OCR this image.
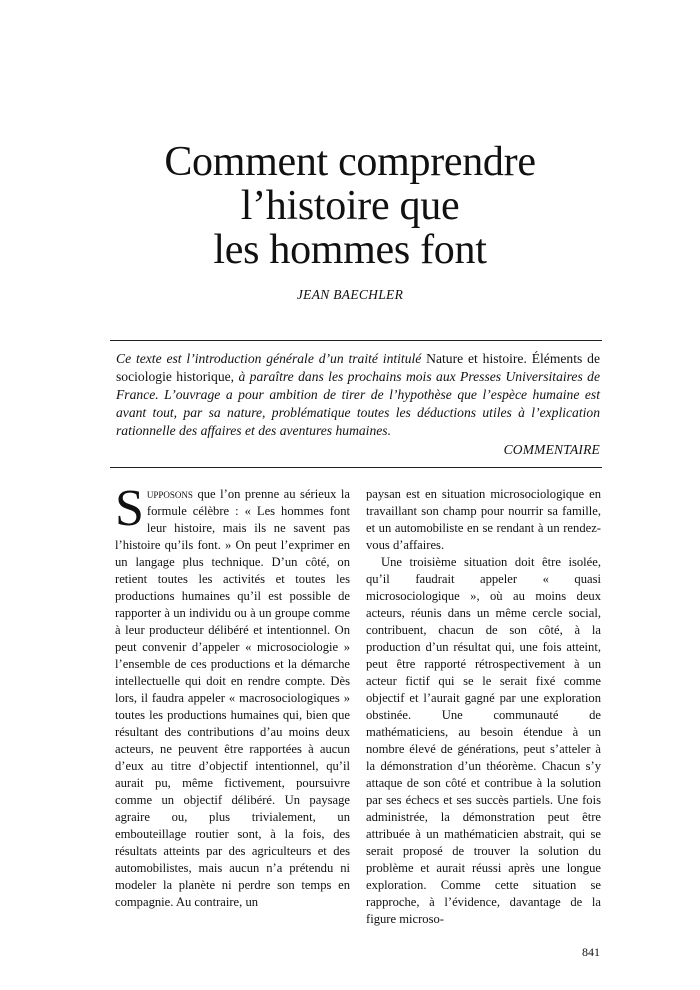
Comment comprendre
l’histoire que
les hommes font
JEAN BAECHLER

Ce texte est l’introduction générale d’un traité intitulé Nature et histoire. Éléments de sociologie historique, à paraître dans les prochains mois aux Presses Universitaires de France. L’ouvrage a pour ambition de tirer de l’hypothèse que l’espèce humaine est avant tout, par sa nature, problématique toutes les déductions utiles à l’explication rationnelle des affaires et des aventures humaines.

COMMENTAIRE

Supposons que l’on prenne au sérieux la formule célèbre : « Les hommes font leur histoire, mais ils ne savent pas l’histoire qu’ils font. » On peut l’exprimer en un langage plus technique. D’un côté, on retient toutes les activités et toutes les productions humaines qu’il est possible de rapporter à un individu ou à un groupe comme à leur producteur délibéré et intentionnel. On peut convenir d’appeler « microsociologie » l’ensemble de ces productions et la démarche intellectuelle qui doit en rendre compte. Dès lors, il faudra appeler « macrosociologiques » toutes les productions humaines qui, bien que résultant des contributions d’au moins deux acteurs, ne peuvent être rapportées à aucun d’eux au titre d’objectif intentionnel, qu’il aurait pu, même fictivement, poursuivre comme un objectif délibéré. Un paysage agraire ou, plus trivialement, un embouteillage routier sont, à la fois, des résultats atteints par des agriculteurs et des automobilistes, mais aucun n’a prétendu ni modeler la planète ni perdre son temps en compagnie. Au contraire, un

paysan est en situation microsociologique en travaillant son champ pour nourrir sa famille, et un automobiliste en se rendant à un rendez-vous d’affaires.

Une troisième situation doit être isolée, qu’il faudrait appeler « quasi microsociologique », où au moins deux acteurs, réunis dans un même cercle social, contribuent, chacun de son côté, à la production d’un résultat qui, une fois atteint, peut être rapporté rétrospectivement à un acteur fictif qui se le serait fixé comme objectif et l’aurait gagné par une exploration obstinée. Une communauté de mathématiciens, au besoin étendue à un nombre élevé de générations, peut s’atteler à la démonstration d’un théorème. Chacun s’y attaque de son côté et contribue à la solution par ses échecs et ses succès partiels. Une fois administrée, la démonstration peut être attribuée à un mathématicien abstrait, qui se serait proposé de trouver la solution du problème et aurait réussi après une longue exploration. Comme cette situation se rapproche, à l’évidence, davantage de la figure microso-

841
